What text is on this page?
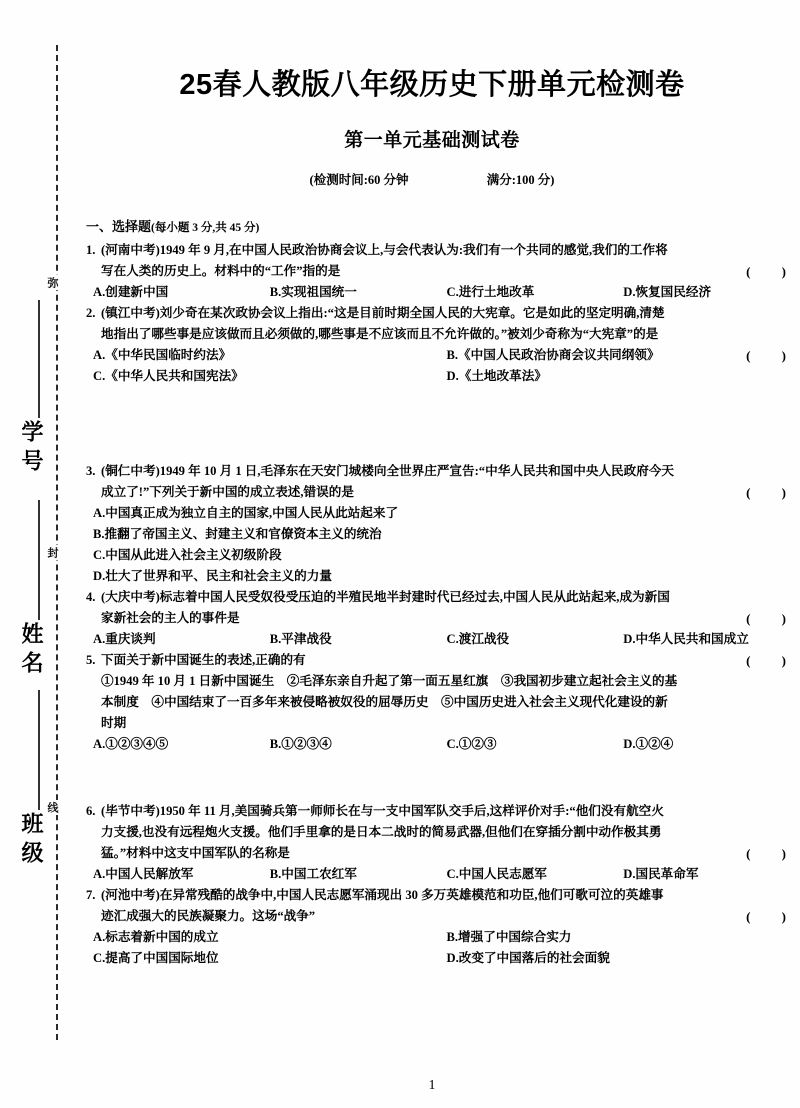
弥
封
线
学号
姓名
班级
25春人教版八年级历史下册单元检测卷
第一单元基础测试卷
(检测时间:60 分钟	满分:100 分)
一、选择题(每小题 3 分,共 45 分)
1. (河南中考)1949 年 9 月,在中国人民政治协商会议上,与会代表认为:我们有一个共同的感觉,我们的工作将
写在人类的历史上。材料中的“工作”指的是	( )
A.创建新中国	B.实现祖国统一	C.进行土地改革	D.恢复国民经济
2. (镇江中考)刘少奇在某次政协会议上指出:“这是目前时期全国人民的大宪章。它是如此的坚定明确,清楚
地指出了哪些事是应该做而且必须做的,哪些事是不应该而且不允许做的。”被刘少奇称为“大宪章”的是
( )
A.《中华民国临时约法》	B.《中国人民政治协商会议共同纲领》
C.《中华人民共和国宪法》	D.《土地改革法》
3. (铜仁中考)1949 年 10 月 1 日,毛泽东在天安门城楼向全世界庄严宣告:“中华人民共和国中央人民政府今天
成立了!”下列关于新中国的成立表述,错误的是	( )
A.中国真正成为独立自主的国家,中国人民从此站起来了
B.推翻了帝国主义、封建主义和官僚资本主义的统治
C.中国从此进入社会主义初级阶段
D.壮大了世界和平、民主和社会主义的力量
4. (大庆中考)标志着中国人民受奴役受压迫的半殖民地半封建时代已经过去,中国人民从此站起来,成为新国
家新社会的主人的事件是	( )
A.重庆谈判	B.平津战役	C.渡江战役	D.中华人民共和国成立
5. 下面关于新中国诞生的表述,正确的有	( )
①1949 年 10 月 1 日新中国诞生　②毛泽东亲自升起了第一面五星红旗　③我国初步建立起社会主义的基
本制度　④中国结束了一百多年来被侵略被奴役的屈辱历史　⑤中国历史进入社会主义现代化建设的新
时期
A.①②③④⑤	B.①②③④	C.①②③	D.①②④
6. (毕节中考)1950 年 11 月,美国骑兵第一师师长在与一支中国军队交手后,这样评价对手:“他们没有航空火
力支援,也没有远程炮火支援。他们手里拿的是日本二战时的简易武器,但他们在穿插分割中动作极其勇
猛。”材料中这支中国军队的名称是	( )
A.中国人民解放军	B.中国工农红军	C.中国人民志愿军	D.国民革命军
7. (河池中考)在异常残酷的战争中,中国人民志愿军涌现出 30 多万英雄模范和功臣,他们可歌可泣的英雄事
迹汇成强大的民族凝聚力。这场“战争”	( )
A.标志着新中国的成立	B.增强了中国综合实力
C.提高了中国国际地位	D.改变了中国落后的社会面貌
1
